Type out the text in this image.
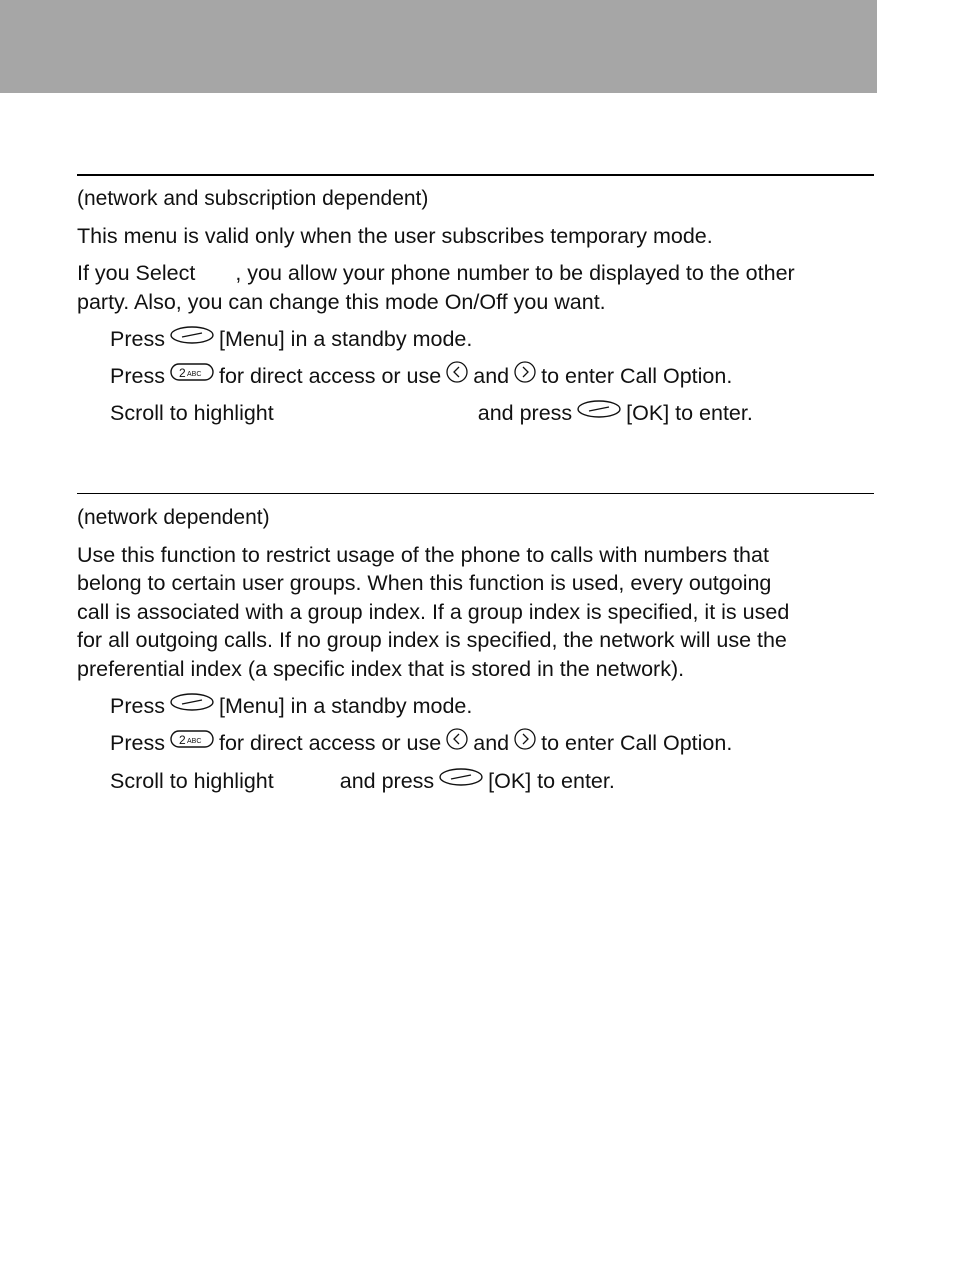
(network and subscription dependent)
This menu is valid only when the user subscribes temporary mode.
If you Select , you allow your phone number to be displayed to the other
party. Also, you can change this mode On/Off you want.
Press	[Menu] in a standby mode.
Press 2 ABC for direct access or use and to enter Call Option.
Scroll to highlight	and press	[OK] to enter.
(network dependent)
Use this function to restrict usage of the phone to calls with numbers that
belong to certain user groups. When this function is used, every outgoing
call is associated with a group index. If a group index is specified, it is used
for all outgoing calls. If no group index is specified, the network will use the
preferential index (a specific index that is stored in the network).
Press	[Menu] in a standby mode.
Press 2 ABC for direct access or use and to enter Call Option.
Scroll to highlight	and press	[OK] to enter.
